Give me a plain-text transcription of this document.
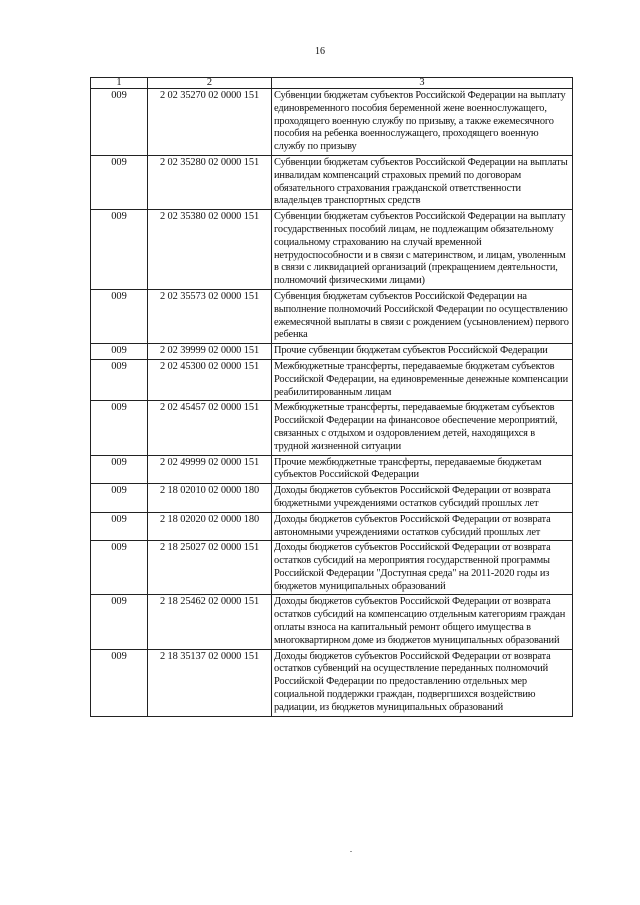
16
1	2	3
009	2 02 35270 02 0000 151	Субвенции бюджетам субъектов Российской Федерации на выплату единовременного пособия беременной жене военнослужащего, проходящего военную службу по призыву, а также ежемесячного пособия на ребенка военнослужащего, проходящего военную службу по призыву
009	2 02 35280 02 0000 151	Субвенции бюджетам субъектов Российской Федерации на выплаты инвалидам компенсаций страховых премий по договорам обязательного страхования гражданской ответственности владельцев транспортных средств
009	2 02 35380 02 0000 151	Субвенции бюджетам субъектов Российской Федерации на выплату государственных пособий лицам, не подлежащим обязательному социальному страхованию на случай временной нетрудоспособности и в связи с материнством, и лицам, уволенным в связи с ликвидацией организаций (прекращением деятельности, полномочий физическими лицами)
009	2 02 35573 02 0000 151	Субвенция бюджетам субъектов Российской Федерации на выполнение полномочий Российской Федерации по осуществлению ежемесячной выплаты в связи с рождением (усыновлением) первого ребенка
009	2 02 39999 02 0000 151	Прочие субвенции бюджетам субъектов Российской Федерации
009	2 02 45300 02 0000 151	Межбюджетные трансферты, передаваемые бюджетам субъектов Российской Федерации, на единовременные денежные компенсации реабилитированным лицам
009	2 02 45457 02 0000 151	Межбюджетные трансферты, передаваемые бюджетам субъектов Российской Федерации на финансовое обеспечение мероприятий, связанных с отдыхом и оздоровлением детей, находящихся в трудной жизненной ситуации
009	2 02 49999 02 0000 151	Прочие межбюджетные трансферты, передаваемые бюджетам субъектов Российской Федерации
009	2 18 02010 02 0000 180	Доходы бюджетов субъектов Российской Федерации от возврата бюджетными учреждениями остатков субсидий прошлых лет
009	2 18 02020 02 0000 180	Доходы бюджетов субъектов Российской Федерации от возврата автономными учреждениями остатков субсидий прошлых лет
009	2 18 25027 02 0000 151	Доходы бюджетов субъектов Российской Федерации от возврата остатков субсидий на мероприятия государственной программы Российской Федерации "Доступная среда" на 2011-2020 годы из бюджетов муниципальных образований
009	2 18 25462 02 0000 151	Доходы бюджетов субъектов Российской Федерации от возврата остатков субсидий на компенсацию отдельным категориям граждан оплаты взноса на капитальный ремонт общего имущества в многоквартирном доме из бюджетов муниципальных образований
009	2 18 35137 02 0000 151	Доходы бюджетов субъектов Российской Федерации от возврата остатков субвенций на осуществление переданных полномочий Российской Федерации по предоставлению отдельных мер социальной поддержки граждан, подвергшихся воздействию радиации, из бюджетов муниципальных образований
